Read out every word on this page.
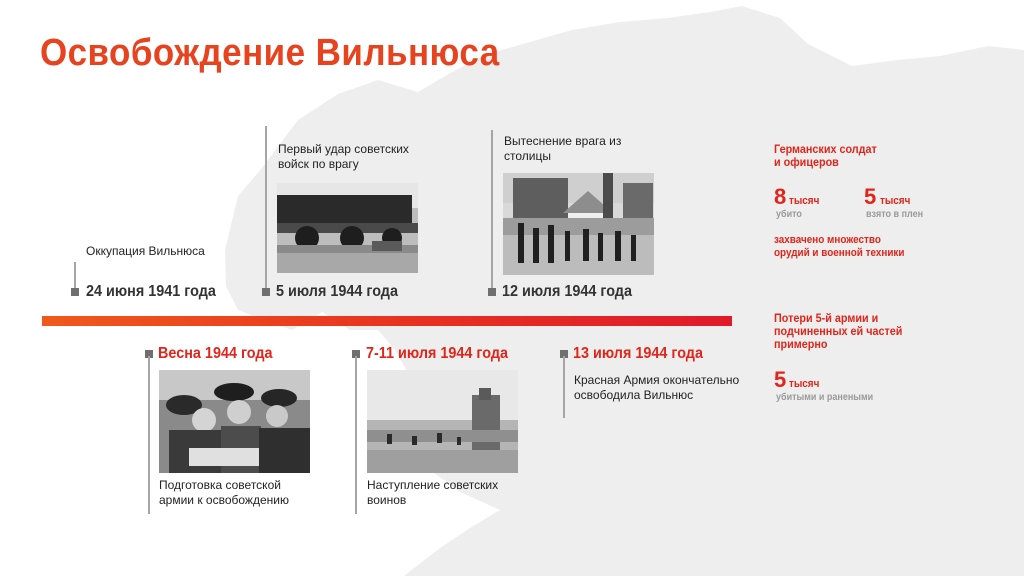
Освобождение Вильнюса
Оккупация Вильнюса
24 июня 1941 года
Первый удар советских войск по врагу
5 июля 1944 года
Вытеснение врага из столицы
12 июля 1944 года
Весна 1944 года
Подготовка советской армии к освобождению
7-11 июля 1944 года
Наступление советских воинов
13 июля 1944 года
Красная Армия окончательно освободила Вильнюс
Германских солдат и офицеров
8 тысяч
убито
5 тысяч
взято в плен
захвачено множество орудий и военной техники
Потери 5-й армии и подчиненных ей частей примерно
5 тысяч
убитыми и ранеными
